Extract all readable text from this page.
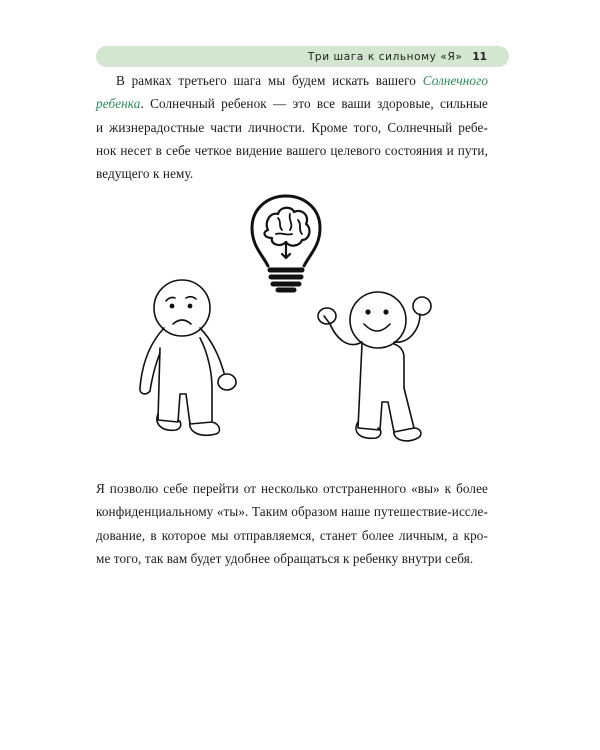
Три шага к сильному «Я» 11
В рамках третьего шага мы будем искать вашего Солнечного
ребенка. Солнечный ребенок — это все ваши здоровые, сильные
и жизнерадостные части личности. Кроме того, Солнечный ребе-
нок несет в себе четкое видение вашего целевого состояния и пути,
ведущего к нему.
Я позволю себе перейти от несколько отстраненного «вы» к более
конфиденциальному «ты». Таким образом наше путешествие-иссле-
дование, в которое мы отправляемся, станет более личным, а кро-
ме того, так вам будет удобнее обращаться к ребенку внутри себя.
